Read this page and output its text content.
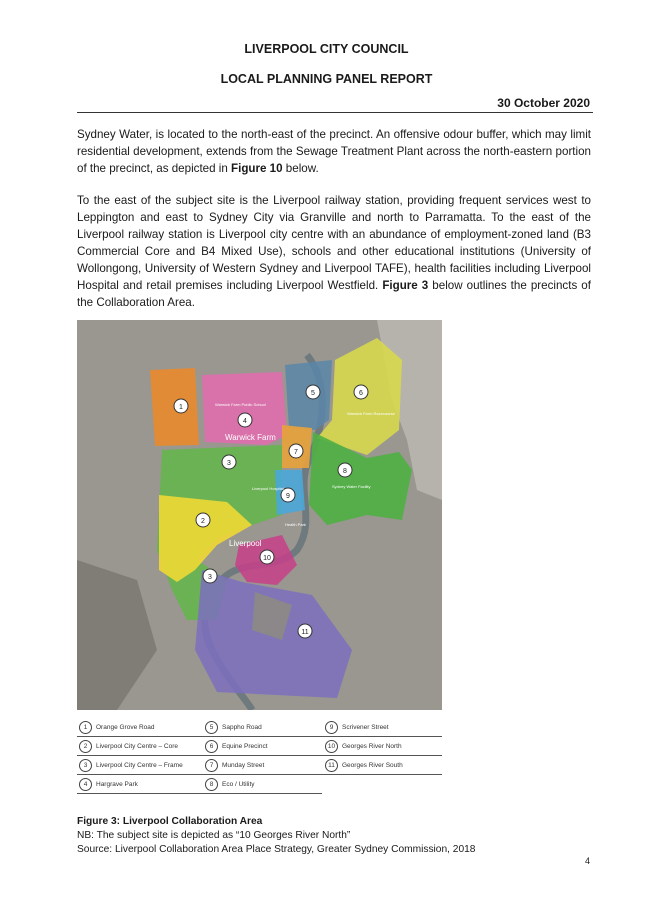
LIVERPOOL CITY COUNCIL
LOCAL PLANNING PANEL REPORT
30 October 2020
Sydney Water, is located to the north-east of the precinct. An offensive odour buffer, which may limit residential development, extends from the Sewage Treatment Plant across the north-eastern portion of the precinct, as depicted in Figure 10 below.
To the east of the subject site is the Liverpool railway station, providing frequent services west to Leppington and east to Sydney City via Granville and north to Parramatta. To the east of the Liverpool railway station is Liverpool city centre with an abundance of employment-zoned land (B3 Commercial Core and B4 Mixed Use), schools and other educational institutions (University of Wollongong, University of Western Sydney and Liverpool TAFE), health facilities including Liverpool Hospital and retail premises including Liverpool Westfield. Figure 3 below outlines the precincts of the Collaboration Area.
1
2
3
3
4
5	6
7
8
9
10
11
Warwick Farm
Liverpool
Warwick Farm Public School
Liverpool Hospital	Sydney Water Facility
Warwick Farm Racecourse
Health Park
1	Orange Grove Road	5	Sappho Road	9	Scrivener Street
2	Liverpool City Centre – Core	6	Equine Precinct	10	Georges River North
3	Liverpool City Centre – Frame	7	Munday Street	11	Georges River South
4	Hargrave Park	8	Eco / Utility
Figure 3: Liverpool Collaboration Area
NB: The subject site is depicted as “10 Georges River North”
Source: Liverpool Collaboration Area Place Strategy, Greater Sydney Commission, 2018
4
